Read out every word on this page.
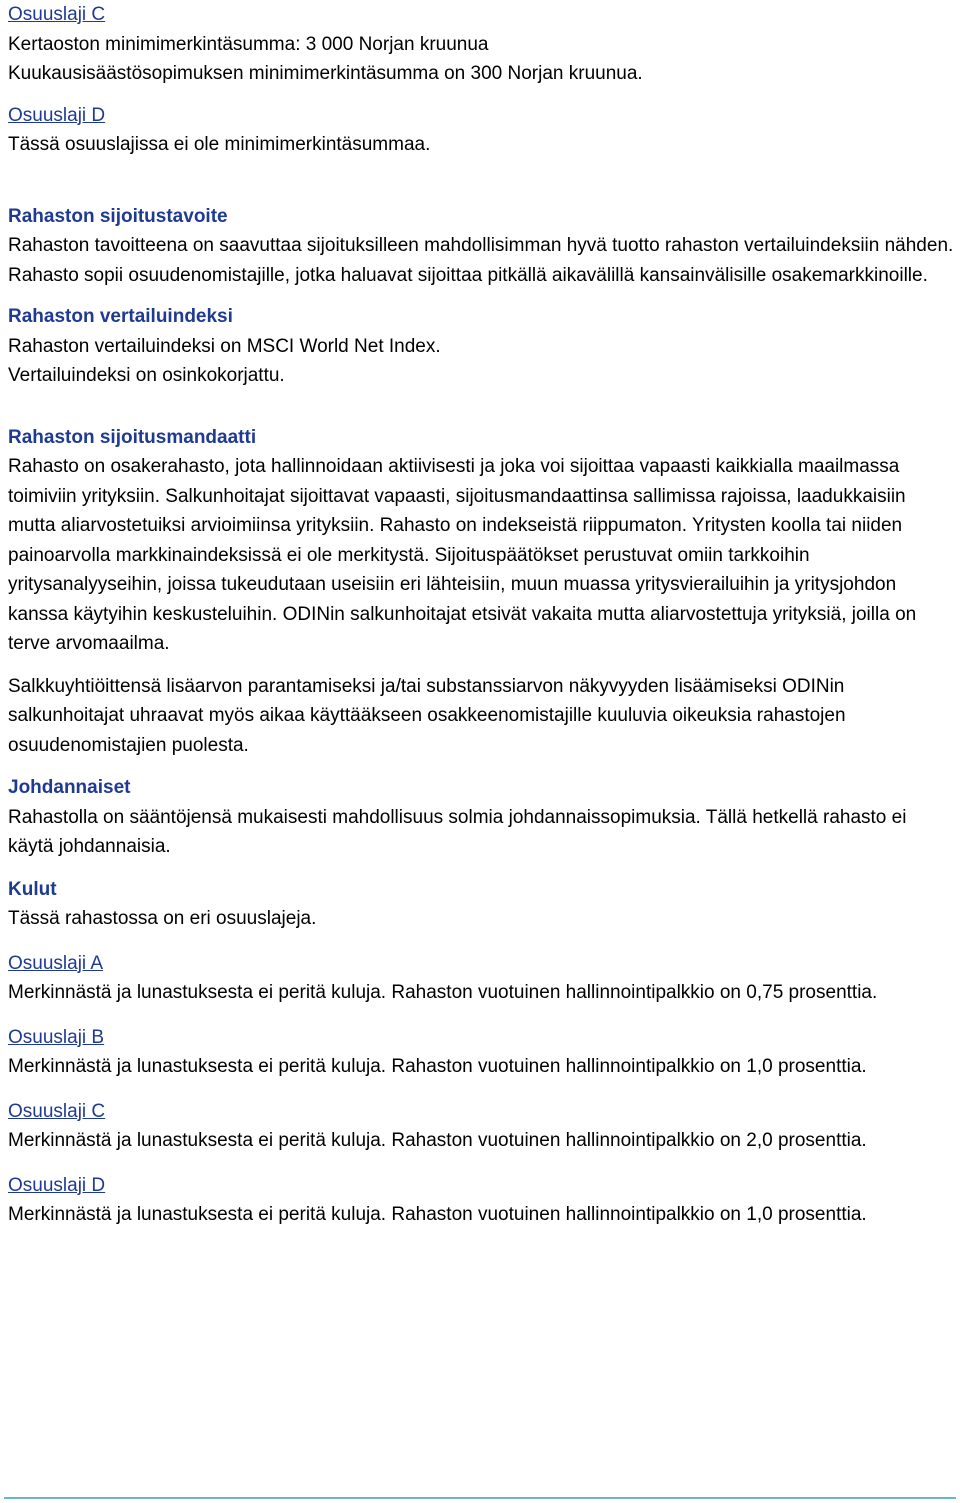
Osuuslaji C

Kertaoston minimimerkintäsumma: 3 000 Norjan kruunua

Kuukausisäästösopimuksen minimimerkintäsumma on 300 Norjan kruunua.

Osuuslaji D

Tässä osuuslajissa ei ole minimimerkintäsummaa.

Rahaston sijoitustavoite

Rahaston tavoitteena on saavuttaa sijoituksilleen mahdollisimman hyvä tuotto rahaston vertailuindeksiin nähden. Rahasto sopii osuudenomistajille, jotka haluavat sijoittaa pitkällä aikavälillä kansainvälisille osakemarkkinoille.

Rahaston vertailuindeksi

Rahaston vertailuindeksi on MSCI World Net Index.

Vertailuindeksi on osinkokorjattu.

Rahaston sijoitusmandaatti

Rahasto on osakerahasto, jota hallinnoidaan aktiivisesti ja joka voi sijoittaa vapaasti kaikkialla maailmassa toimiviin yrityksiin. Salkunhoitajat sijoittavat vapaasti, sijoitusmandaattinsa sallimissa rajoissa, laadukkaisiin mutta aliarvostetuiksi arvioimiinsa yrityksiin. Rahasto on indekseistä riippumaton. Yritysten koolla tai niiden painoarvolla markkinaindeksissä ei ole merkitystä. Sijoituspäätökset perustuvat omiin tarkkoihin yritysanalyyseihin, joissa tukeudutaan useisiin eri lähteisiin, muun muassa yritysvierailuihin ja yritysjohdon kanssa käytyihin keskusteluihin. ODINin salkunhoitajat etsivät vakaita mutta aliarvostettuja yrityksiä, joilla on terve arvomaailma.

Salkkuyhtiöittensä lisäarvon parantamiseksi ja/tai substanssiarvon näkyvyyden lisäämiseksi ODINin salkunhoitajat uhraavat myös aikaa käyttääkseen osakkeenomistajille kuuluvia oikeuksia rahastojen osuudenomistajien puolesta.

Johdannaiset

Rahastolla on sääntöjensä mukaisesti mahdollisuus solmia johdannaissopimuksia. Tällä hetkellä rahasto ei käytä johdannaisia.

Kulut

Tässä rahastossa on eri osuuslajeja.

Osuuslaji A

Merkinnästä ja lunastuksesta ei peritä kuluja. Rahaston vuotuinen hallinnointipalkkio on 0,75 prosenttia.

Osuuslaji B

Merkinnästä ja lunastuksesta ei peritä kuluja. Rahaston vuotuinen hallinnointipalkkio on 1,0 prosenttia.

Osuuslaji C

Merkinnästä ja lunastuksesta ei peritä kuluja. Rahaston vuotuinen hallinnointipalkkio on 2,0 prosenttia.

Osuuslaji D

Merkinnästä ja lunastuksesta ei peritä kuluja. Rahaston vuotuinen hallinnointipalkkio on 1,0 prosenttia.
